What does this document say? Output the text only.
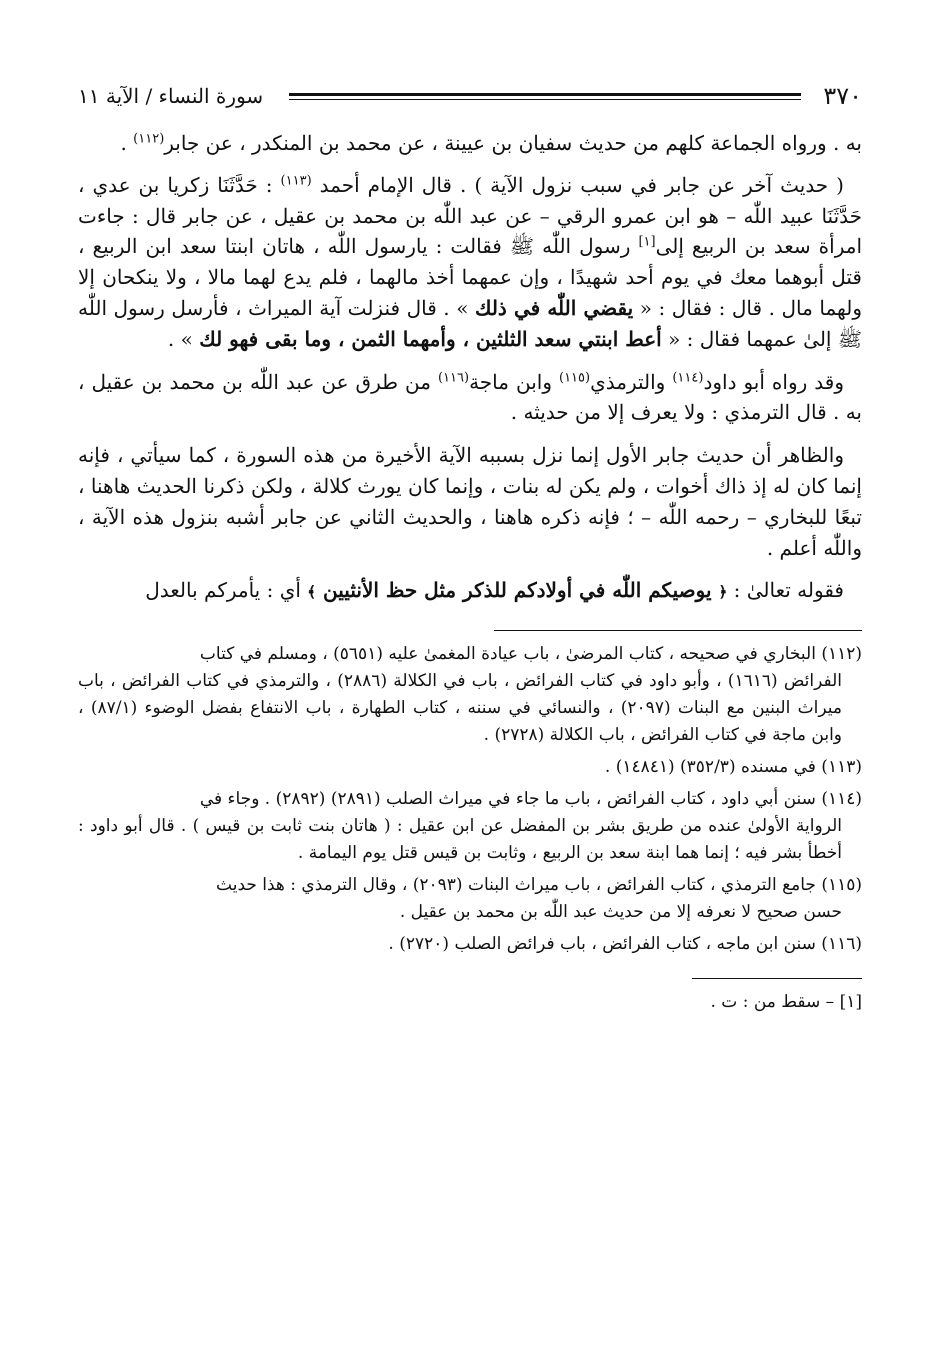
٣٧٠
سورة النساء / الآية ١١

به . ورواه الجماعة كلهم من حديث سفيان بن عيينة ، عن محمد بن المنكدر ، عن جابر$^{(١١٢)}$ .

( حديث آخر عن جابر في سبب نزول الآية ) . قال الإمام أحمد $^{(١١٣)}$ : حَدَّثَنَا زكريا بن عدي ، حَدَّثَنَا عبيد اللّٰه – هو ابن عمرو الرقي – عن عبد اللّٰه بن محمد بن عقيل ، عن جابر قال : جاءت امرأة سعد بن الربيع إلى[١] رسول اللّٰه ﷺ فقالت : يارسول اللّٰه ، هاتان ابنتا سعد ابن الربيع ، قتل أبوهما معك في يوم أحد شهيدًا ، وإن عمهما أخذ مالهما ، فلم يدع لهما مالا ، ولا ينكحان إلا ولهما مال . قال : فقال : « يقضي اللّٰه في ذلك » . قال فنزلت آية الميراث ، فأرسل رسول اللّٰه ﷺ إلىٰ عمهما فقال : « أعط ابنتي سعد الثلثين ، وأمهما الثمن ، وما بقى فهو لك » .

وقد رواه أبو داود$^{(١١٤)}$ والترمذي$^{(١١٥)}$ وابن ماجة$^{(١١٦)}$ من طرق عن عبد اللّٰه بن محمد بن عقيل ، به . قال الترمذي : ولا يعرف إلا من حديثه .

والظاهر أن حديث جابر الأول إنما نزل بسببه الآية الأخيرة من هذه السورة ، كما سيأتي ، فإنه إنما كان له إذ ذاك أخوات ، ولم يكن له بنات ، وإنما كان يورث كلالة ، ولكن ذكرنا الحديث هاهنا ، تبعًا للبخاري – رحمه اللّٰه – ؛ فإنه ذكره هاهنا ، والحديث الثاني عن جابر أشبه بنزول هذه الآية ، واللّٰه أعلم .

فقوله تعالىٰ : ﴿ يوصيكم اللّٰه في أولادكم للذكر مثل حظ الأنثيين ﴾ أي : يأمركم بالعدل

(١١٢) البخاري في صحيحه ، كتاب المرضىٰ ، باب عيادة المغمىٰ عليه (٥٦٥١) ، ومسلم في كتاب
الفرائض (١٦١٦) ، وأبو داود في كتاب الفرائض ، باب في الكلالة (٢٨٨٦) ، والترمذي في كتاب الفرائض ، باب ميراث البنين مع البنات (٢٠٩٧) ، والنسائي في سننه ، كتاب الطهارة ، باب الانتفاع بفضل الوضوء (٨٧/١) ، وابن ماجة في كتاب الفرائض ، باب الكلالة (٢٧٢٨) .

(١١٣) في مسنده (٣٥٢/٣) (١٤٨٤١) .

(١١٤) سنن أبي داود ، كتاب الفرائض ، باب ما جاء في ميراث الصلب (٢٨٩١) (٢٨٩٢) . وجاء في
الرواية الأولىٰ عنده من طريق بشر بن المفضل عن ابن عقيل : ( هاتان بنت ثابت بن قيس ) . قال أبو داود : أخطأ بشر فيه ؛ إنما هما ابنة سعد بن الربيع ، وثابت بن قيس قتل يوم اليمامة .

(١١٥) جامع الترمذي ، كتاب الفرائض ، باب ميراث البنات (٢٠٩٣) ، وقال الترمذي : هذا حديث
حسن صحيح لا نعرفه إلا من حديث عبد اللّٰه بن محمد بن عقيل .

(١١٦) سنن ابن ماجه ، كتاب الفرائض ، باب فرائض الصلب (٢٧٢٠) .

[١] – سقط من : ت .
